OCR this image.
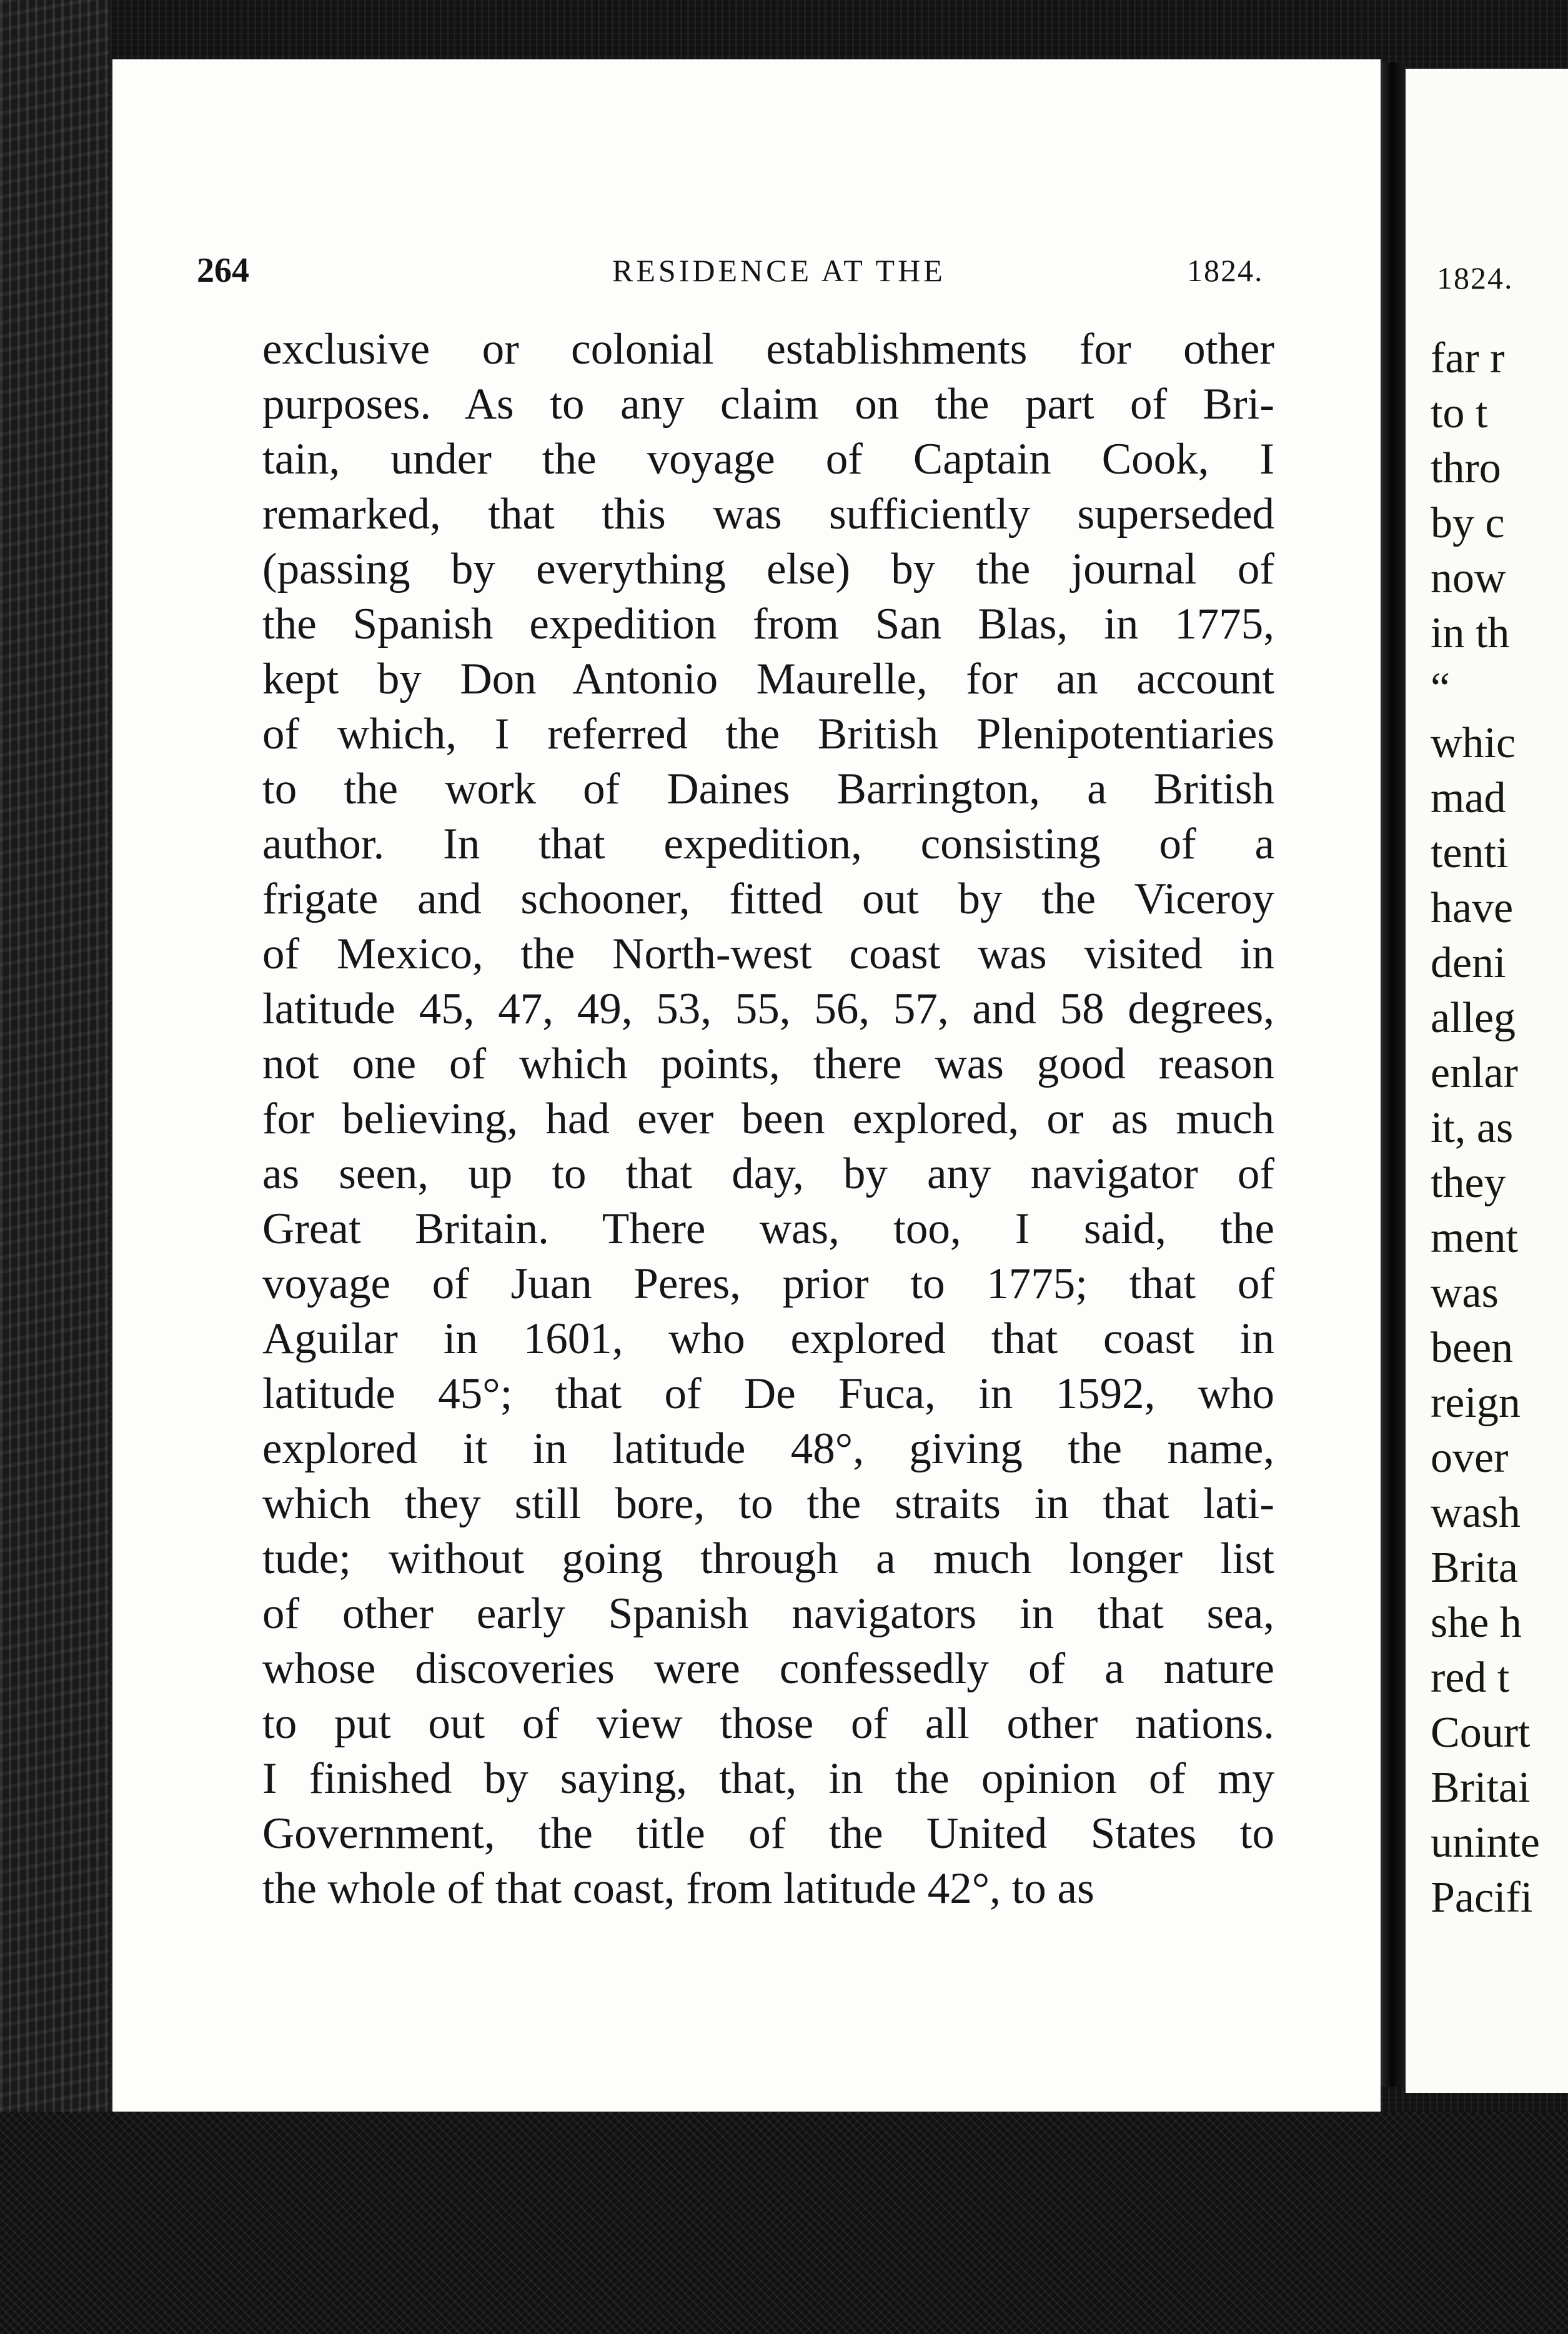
264	RESIDENCE AT THE	1824.
exclusive or colonial establishments for other
purposes. As to any claim on the part of Bri-
tain, under the voyage of Captain Cook, I
remarked, that this was sufficiently superseded
(passing by everything else) by the journal of
the Spanish expedition from San Blas, in 1775,
kept by Don Antonio Maurelle, for an account
of which, I referred the British Plenipotentiaries
to the work of Daines Barrington, a British
author. In that expedition, consisting of a
frigate and schooner, fitted out by the Viceroy
of Mexico, the North-west coast was visited in
latitude 45, 47, 49, 53, 55, 56, 57, and 58 degrees,
not one of which points, there was good reason
for believing, had ever been explored, or as much
as seen, up to that day, by any navigator of
Great Britain. There was, too, I said, the
voyage of Juan Peres, prior to 1775; that of
Aguilar in 1601, who explored that coast in
latitude 45°; that of De Fuca, in 1592, who
explored it in latitude 48°, giving the name,
which they still bore, to the straits in that lati-
tude; without going through a much longer list
of other early Spanish navigators in that sea,
whose discoveries were confessedly of a nature
to put out of view those of all other nations.
I finished by saying, that, in the opinion of my
Government, the title of the United States to
the whole of that coast, from latitude 42°, to as
1824.
far r
to t
thro
by c
now
in th
“
whic
mad
tenti
have
deni
alleg
enlar
it, as
they
ment
was
been
reign
over
wash
Brita
she h
red t
Court
Britai
uninte
Pacifi
